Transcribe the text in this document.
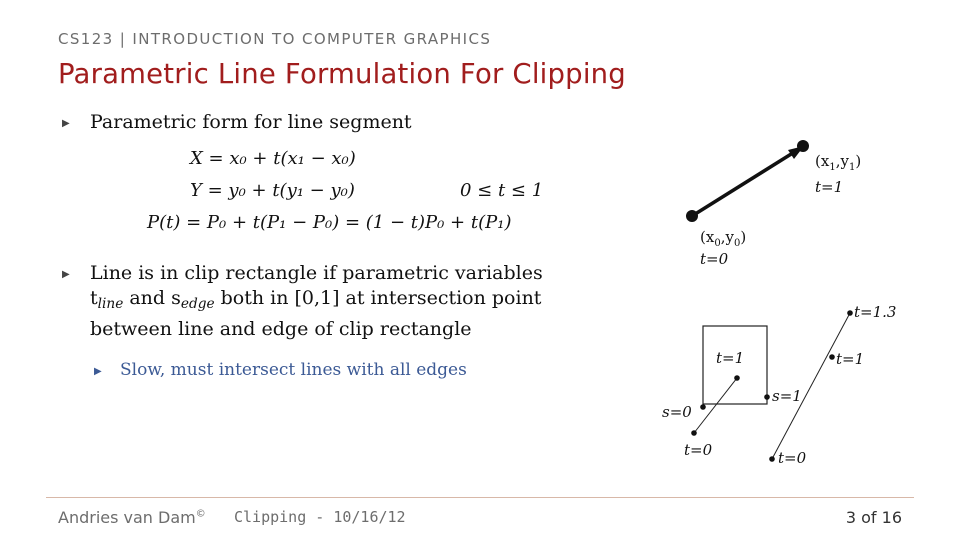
CS123 | INTRODUCTION TO COMPUTER GRAPHICS
Parametric Line Formulation For Clipping
▶ Parametric form for line segment
X = x₀ + t(x₁ − x₀)
Y = y₀ + t(y₁ − y₀)	0 ≤ t ≤ 1
P(t) = P₀ + t(P₁ − P₀) = (1 − t)P₀ + t(P₁)
▶ Line is in clip rectangle if parametric variables
$t_{line}$ and $s_{edge}$ both in [0,1] at intersection point
between line and edge of clip rectangle
▶ Slow, must intersect lines with all edges
$(x_1,y_1)$
t=1
$(x_0,y_0)$
t=0
t=1.3
t=1
s=1
t=0
t=1
s=0
t=0
Andries van Dam© Clipping - 10/16/12	3 of 16
